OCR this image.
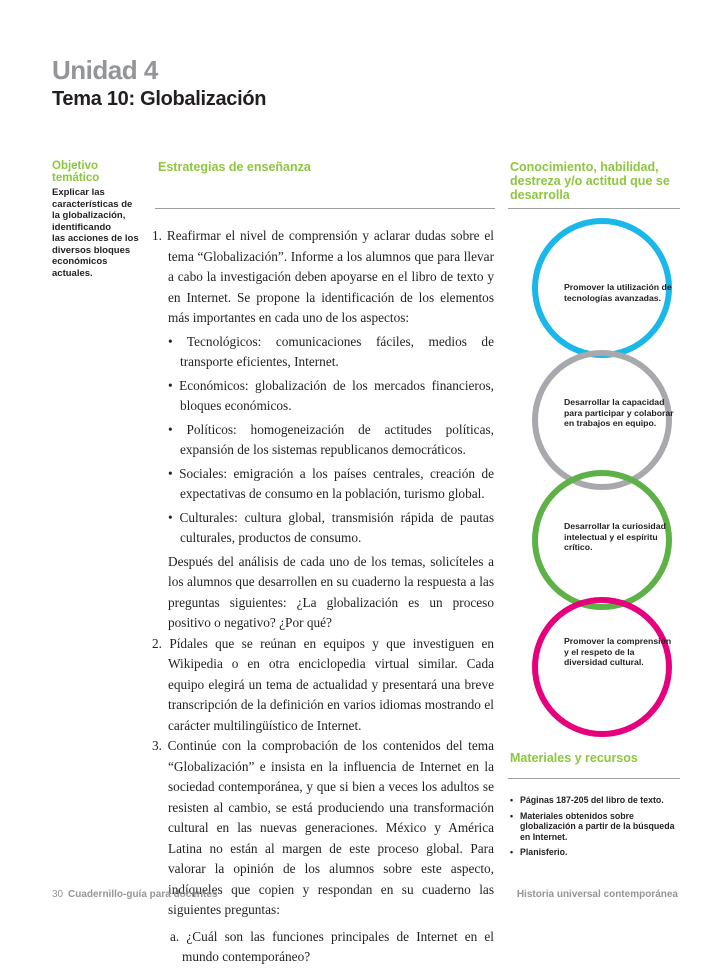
Unidad 4
Tema 10: Globalización
Objetivo temático
Explicar las
características de
la globalización,
identificando
las acciones de los
diversos bloques
económicos actuales.
Estrategias de enseñanza

1. Reafirmar el nivel de comprensión y aclarar dudas sobre el tema “Globalización”. Informe a los alumnos que para llevar a cabo la investigación deben apoyarse en el libro de texto y en Internet. Se propone la identificación de los elementos más importantes en cada uno de los aspectos:

• Tecnológicos: comunicaciones fáciles, medios de transporte eficientes, Internet.

• Económicos: globalización de los mercados financieros, bloques económicos.

• Políticos: homogeneización de actitudes políticas, expansión de los sistemas republicanos democráticos.

• Sociales: emigración a los países centrales, creación de expectativas de consumo en la población, turismo global.

• Culturales: cultura global, transmisión rápida de pautas culturales, productos de consumo.

Después del análisis de cada uno de los temas, solicíteles a los alumnos que desarrollen en su cuaderno la respuesta a las preguntas siguientes: ¿La globalización es un proceso positivo o negativo? ¿Por qué?

2. Pídales que se reúnan en equipos y que investiguen en Wikipedia o en otra enciclopedia virtual similar. Cada equipo elegirá un tema de actualidad y presentará una breve transcripción de la definición en varios idiomas mostrando el carácter multilingüístico de Internet.

3. Continúe con la comprobación de los contenidos del tema “Globalización” e insista en la influencia de Internet en la sociedad contemporánea, y que si bien a veces los adultos se resisten al cambio, se está produciendo una transformación cultural en las nuevas generaciones. México y América Latina no están al margen de este proceso global. Para valorar la opinión de los alumnos sobre este aspecto, indíqueles que copien y respondan en su cuaderno las siguientes preguntas:

a. ¿Cuál son las funciones principales de Internet en el mundo contemporáneo?

Conocimiento, habilidad, destreza y/o actitud que se desarrolla
Promover la utilización de tecnologías avanzadas.
Desarrollar la capacidad para participar y colaborar en trabajos en equipo.
Desarrollar la curiosidad intelectual y el espíritu crítico.
Promover la comprensión y el respeto de la diversidad cultural.
Materiales y recursos
• Páginas 187-205 del libro de texto.
• Materiales obtenidos sobre globalización a partir de la búsqueda en Internet.
• Planisferio.
30 Cuadernillo-guía para docentes	Historia universal contemporánea
